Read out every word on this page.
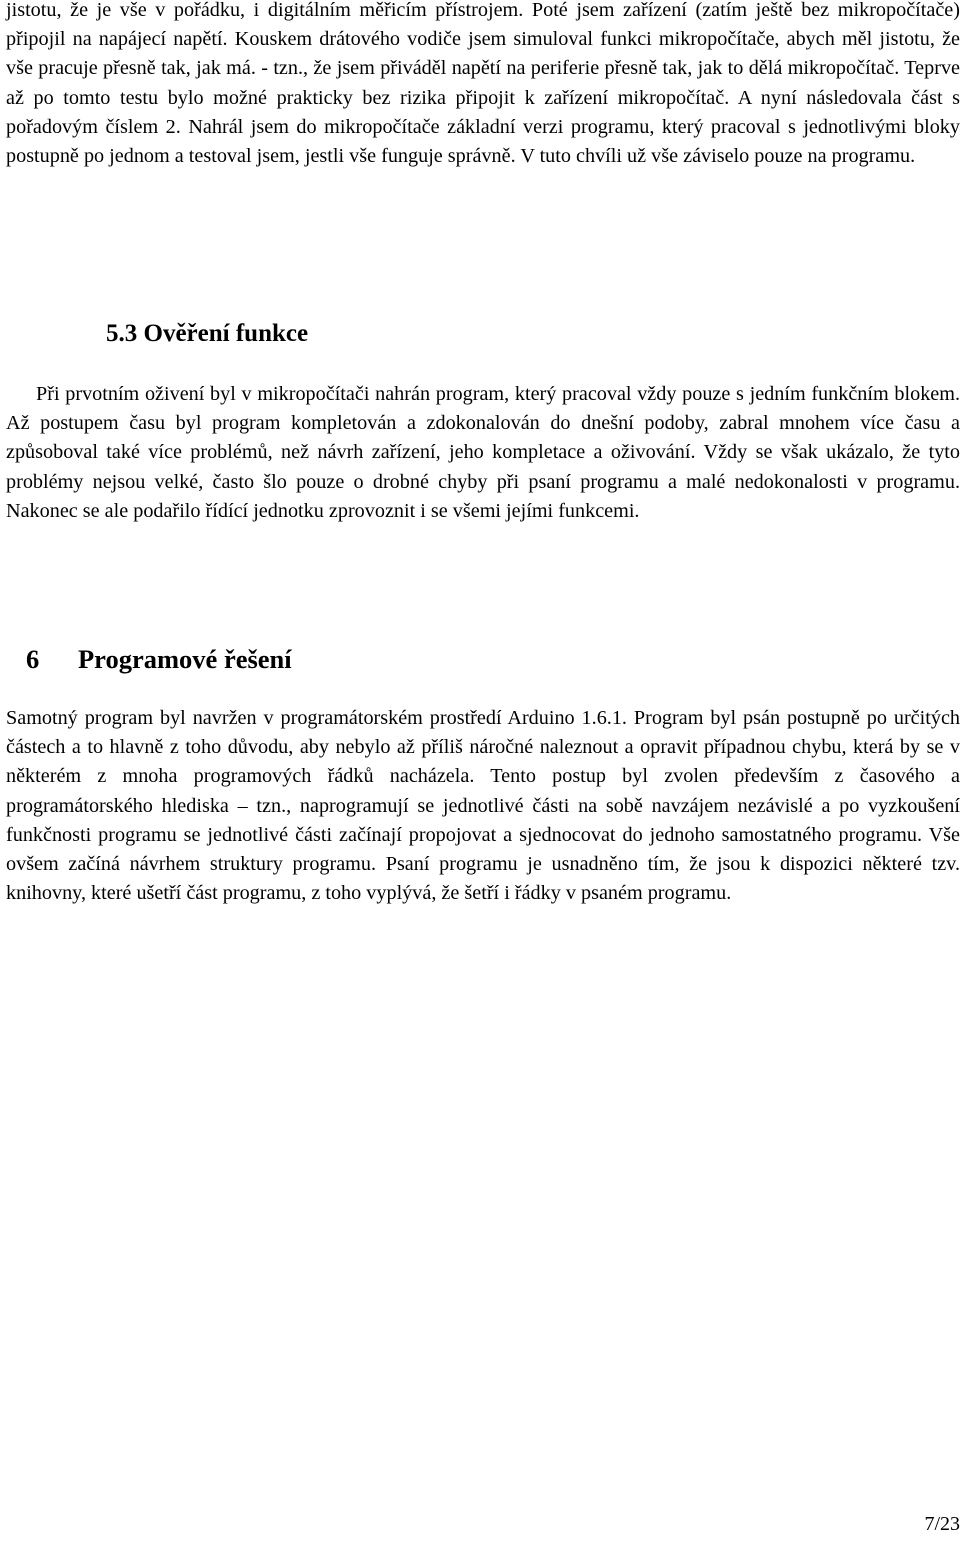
jistotu, že je vše v pořádku, i digitálním měřicím přístrojem. Poté jsem zařízení (zatím ještě bez mikropočítače) připojil na napájecí napětí. Kouskem drátového vodiče jsem simuloval funkci mikropočítače, abych měl jistotu, že vše pracuje přesně tak, jak má. - tzn., že jsem přiváděl napětí na periferie přesně tak, jak to dělá mikropočítač. Teprve až po tomto testu bylo možné prakticky bez rizika připojit k zařízení mikropočítač. A nyní následovala část s pořadovým číslem 2. Nahrál jsem do mikropočítače základní verzi programu, který pracoval s jednotlivými bloky postupně po jednom a testoval jsem, jestli vše funguje správně. V tuto chvíli už vše záviselo pouze na programu.

5.3 Ověření funkce

Při prvotním oživení byl v mikropočítači nahrán program, který pracoval vždy pouze s jedním funkčním blokem. Až postupem času byl program kompletován a zdokonalován do dnešní podoby, zabral mnohem více času a způsoboval také více problémů, než návrh zařízení, jeho kompletace a oživování. Vždy se však ukázalo, že tyto problémy nejsou velké, často šlo pouze o drobné chyby při psaní programu a malé nedokonalosti v programu. Nakonec se ale podařilo řídící jednotku zprovoznit i se všemi jejími funkcemi.

6 Programové řešení

Samotný program byl navržen v programátorském prostředí Arduino 1.6.1. Program byl psán postupně po určitých částech a to hlavně z toho důvodu, aby nebylo až příliš náročné naleznout a opravit případnou chybu, která by se v některém z mnoha programových řádků nacházela. Tento postup byl zvolen především z časového a programátorského hlediska – tzn., naprogramují se jednotlivé části na sobě navzájem nezávislé a po vyzkoušení funkčnosti programu se jednotlivé části začínají propojovat a sjednocovat do jednoho samostatného programu. Vše ovšem začíná návrhem struktury programu. Psaní programu je usnadněno tím, že jsou k dispozici některé tzv. knihovny, které ušetří část programu, z toho vyplývá, že šetří i řádky v psaném programu.

7/23
